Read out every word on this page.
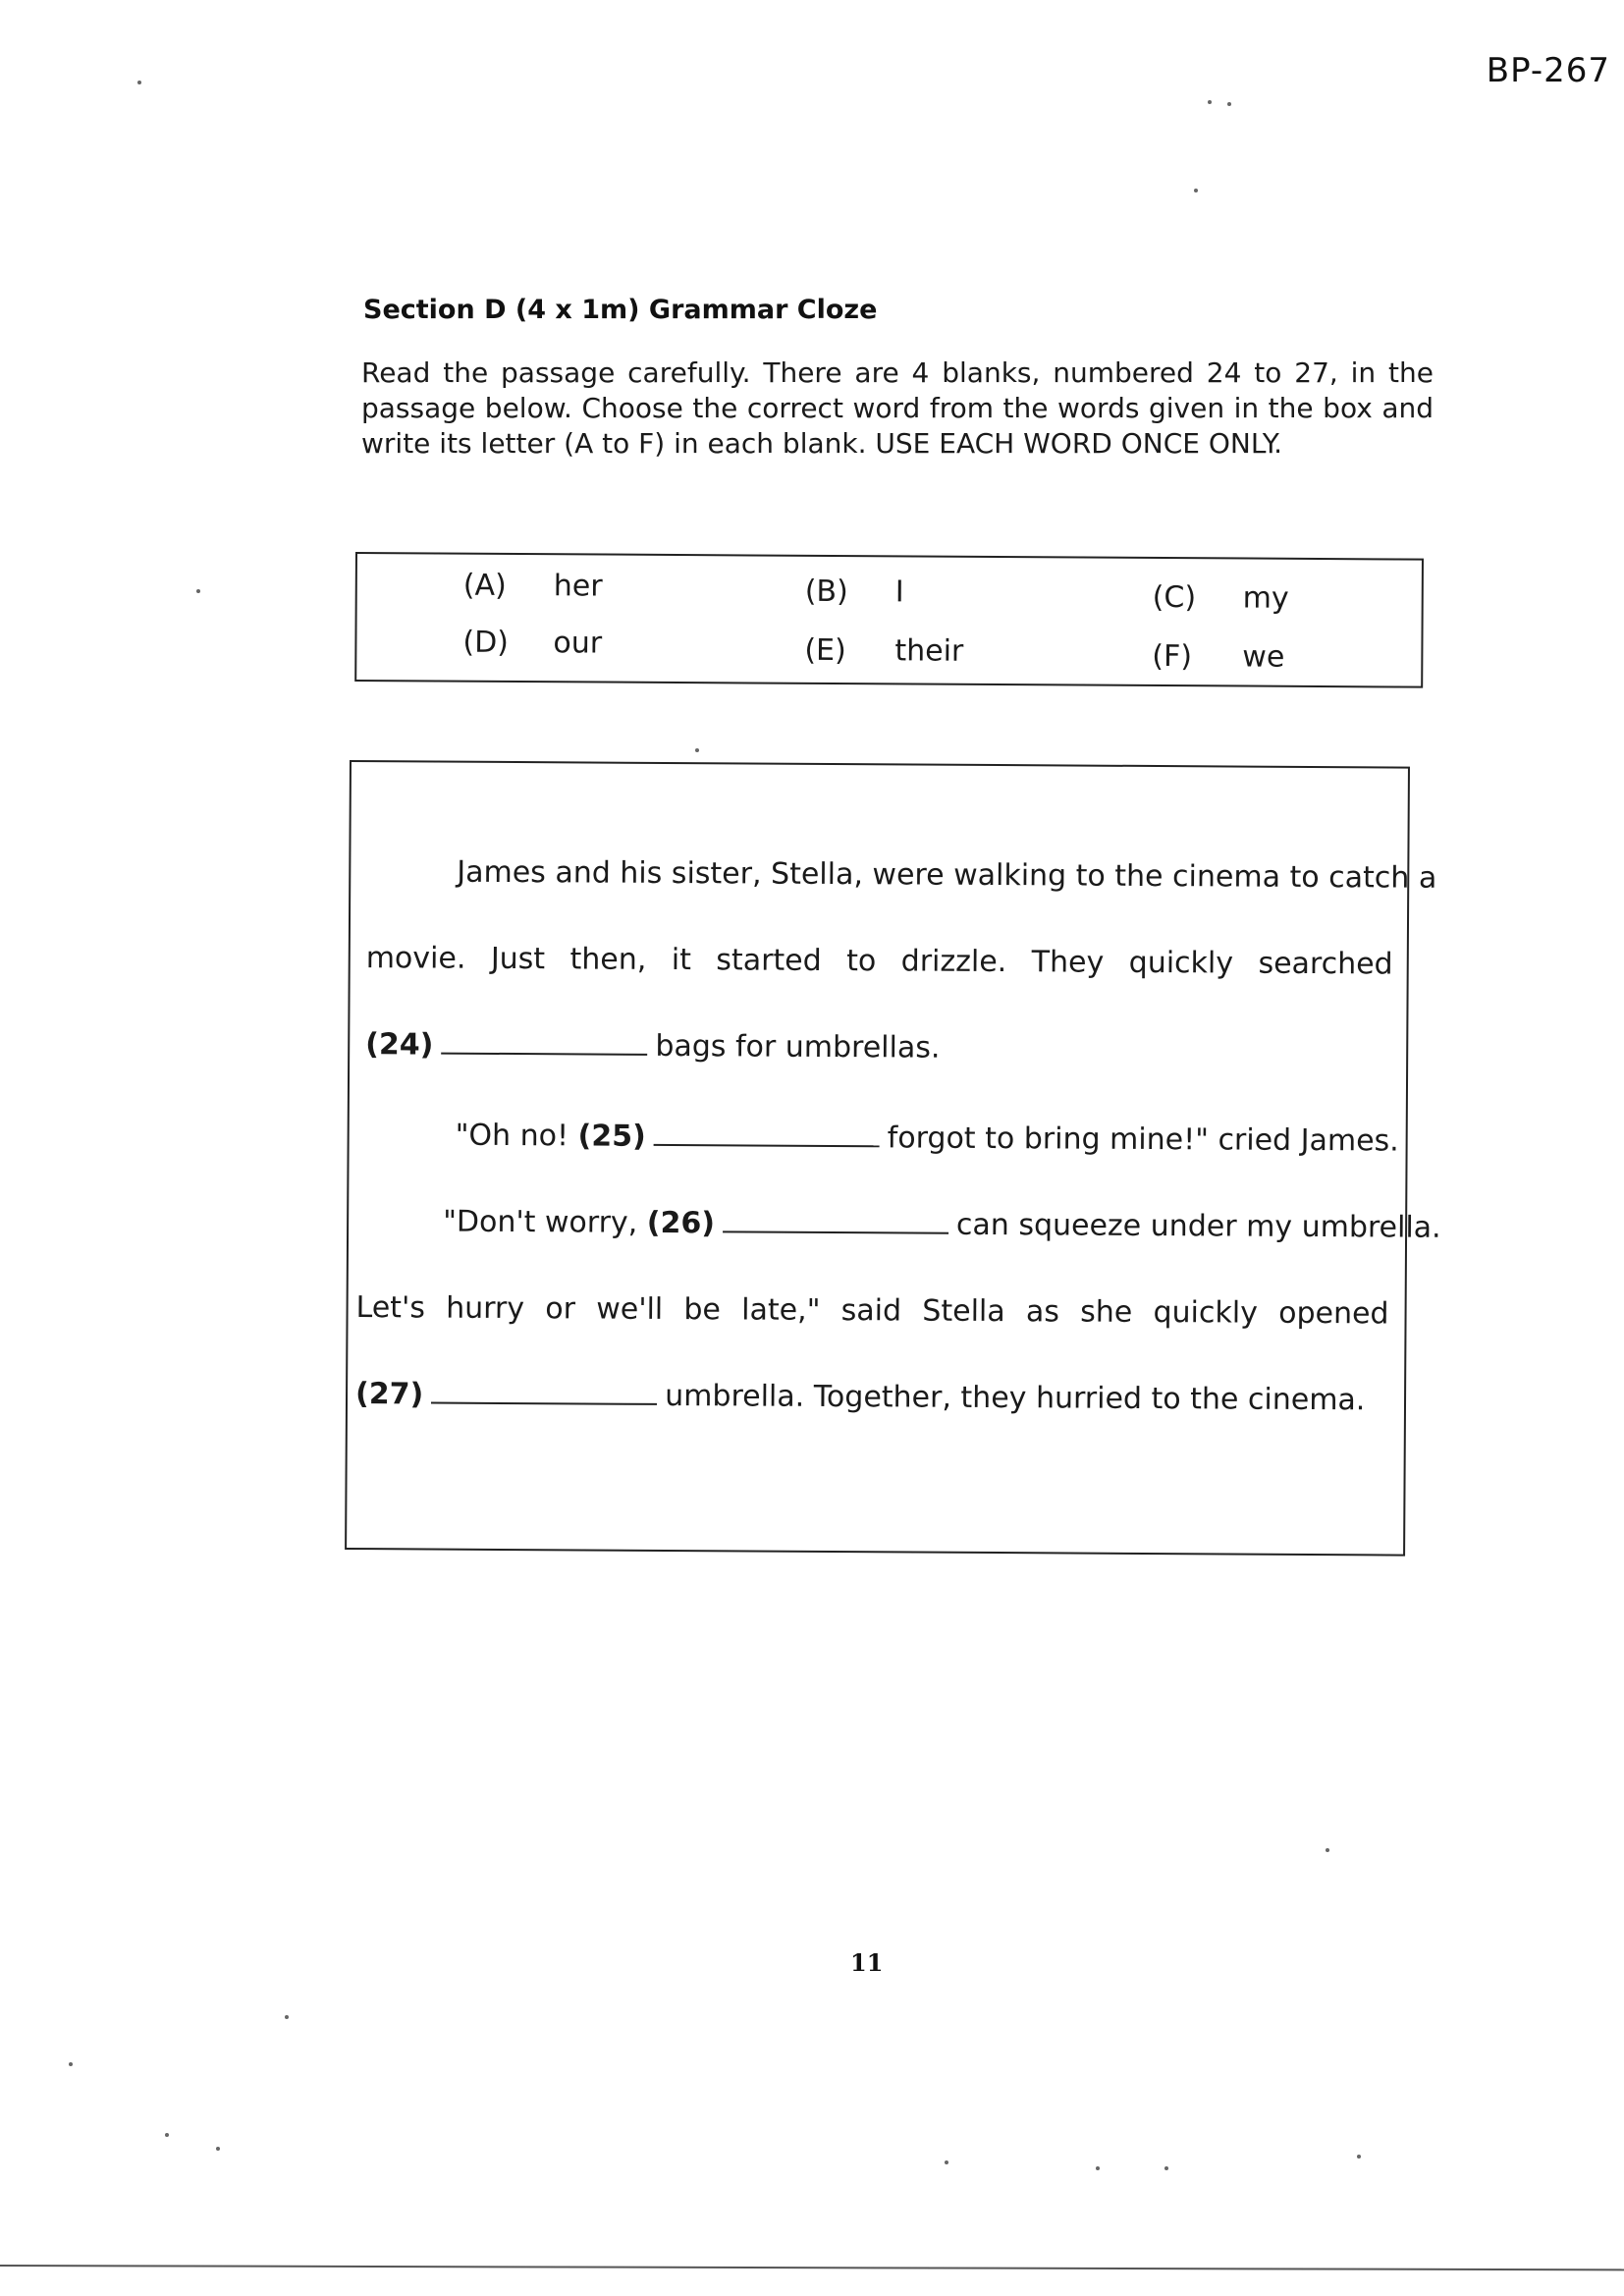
BP-267
Section D (4 x 1m) Grammar Cloze
Read the passage carefully. There are 4 blanks, numbered 24 to 27, in the passage below. Choose the correct word from the words given in the box and write its letter (A to F) in each blank. USE EACH WORD ONCE ONLY.
(A) her	(B) I	(C) my
(D) our	(E) their	(F) we
James and his sister, Stella, were walking to the cinema to catch a
movie. Just then, it started to drizzle. They quickly searched
(24)	bags for umbrellas.
"Oh no! (25)	forgot to bring mine!" cried James.
"Don't worry, (26)	can squeeze under my umbrella.
Let's hurry or we'll be late," said Stella as she quickly opened
(27)	umbrella. Together, they hurried to the cinema.
11
